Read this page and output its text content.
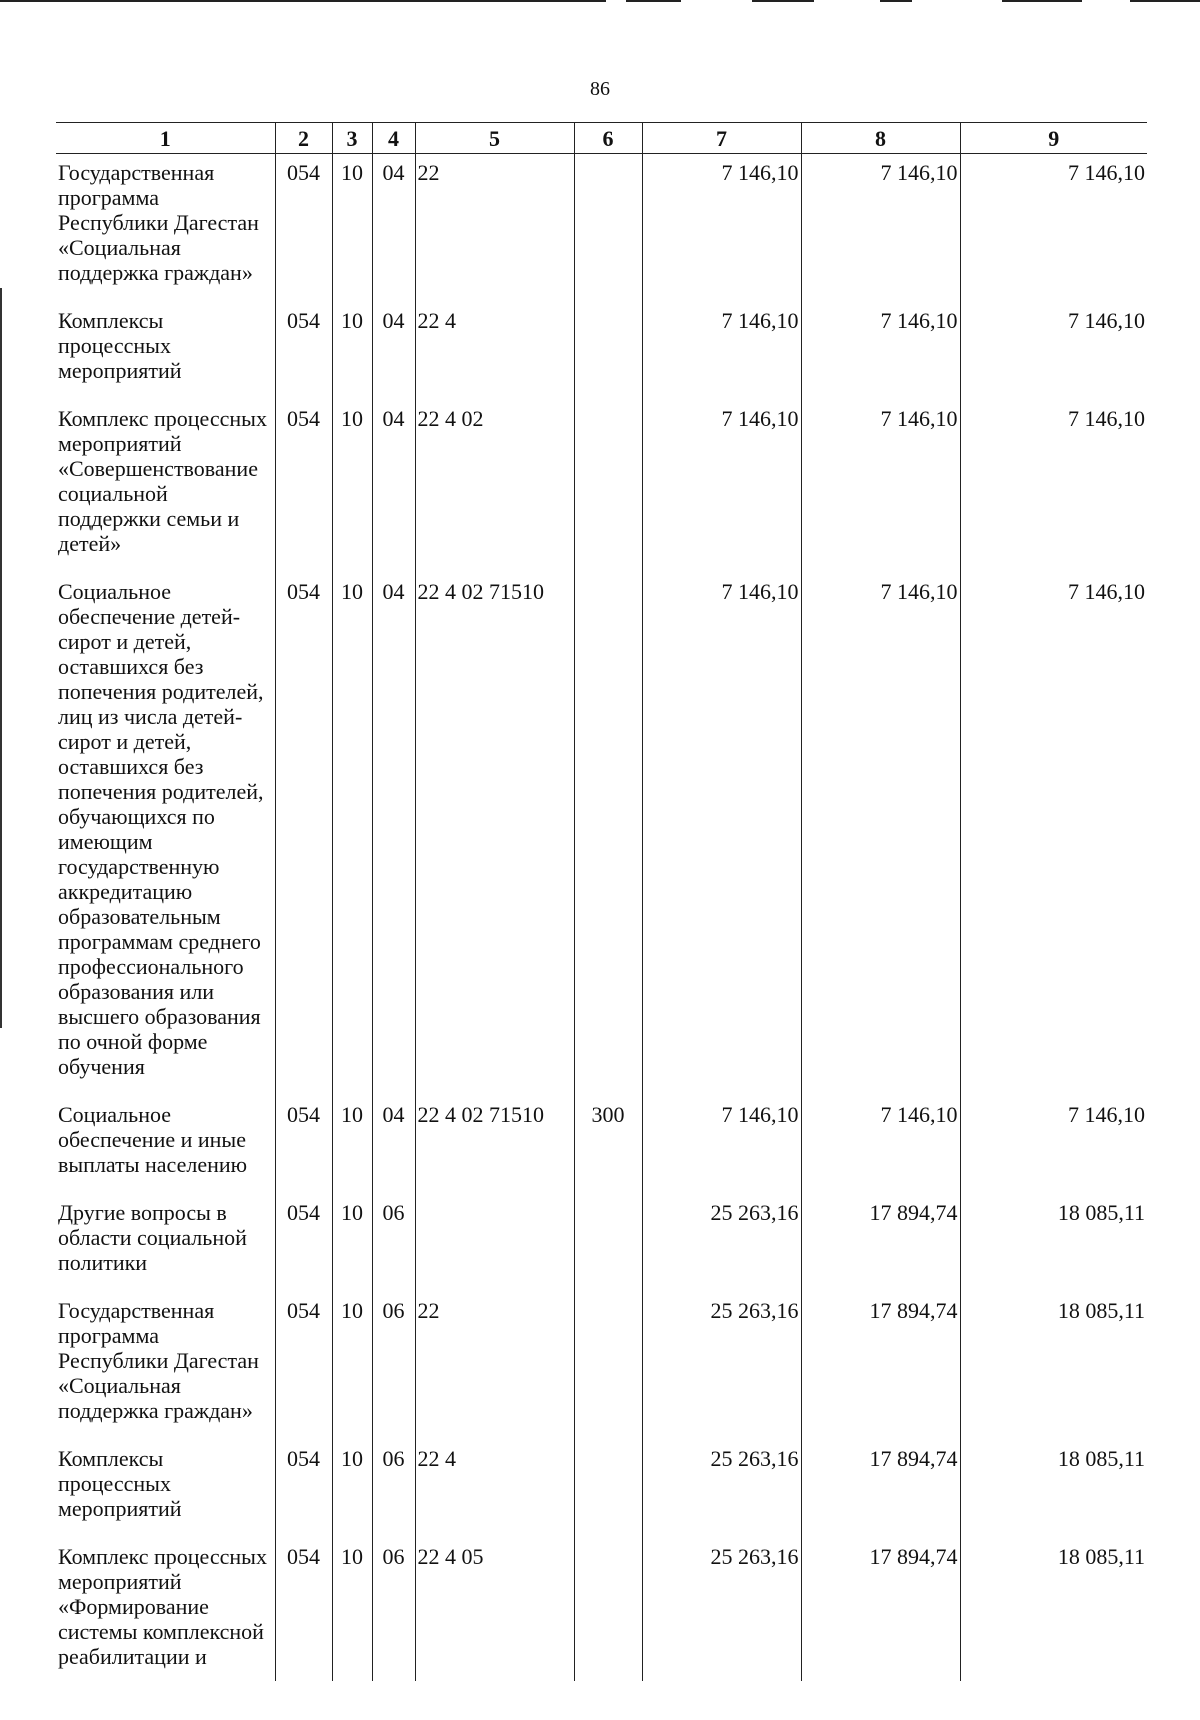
86
1	2	3	4	5	6	7	8	9
Государственная программа Республики Дагестан «Социальная поддержка граждан»	054	10	04	22		7 146,10	7 146,10	7 146,10
Комплексы процессных мероприятий	054	10	04	22 4		7 146,10	7 146,10	7 146,10
Комплекс процессных мероприятий «Совершенствование социальной поддержки семьи и детей»	054	10	04	22 4 02		7 146,10	7 146,10	7 146,10
Социальное обеспечение детей-сирот и детей, оставшихся без попечения родителей, лиц из числа детей-сирот и детей, оставшихся без попечения родителей, обучающихся по имеющим государственную аккредитацию образовательным программам среднего профессионального образования или высшего образования по очной форме обучения	054	10	04	22 4 02 71510		7 146,10	7 146,10	7 146,10
Социальное обеспечение и иные выплаты населению	054	10	04	22 4 02 71510	300	7 146,10	7 146,10	7 146,10
Другие вопросы в области социальной политики	054	10	06			25 263,16	17 894,74	18 085,11
Государственная программа Республики Дагестан «Социальная поддержка граждан»	054	10	06	22		25 263,16	17 894,74	18 085,11
Комплексы процессных мероприятий	054	10	06	22 4		25 263,16	17 894,74	18 085,11
Комплекс процессных мероприятий «Формирование системы комплексной реабилитации и	054	10	06	22 4 05		25 263,16	17 894,74	18 085,11
